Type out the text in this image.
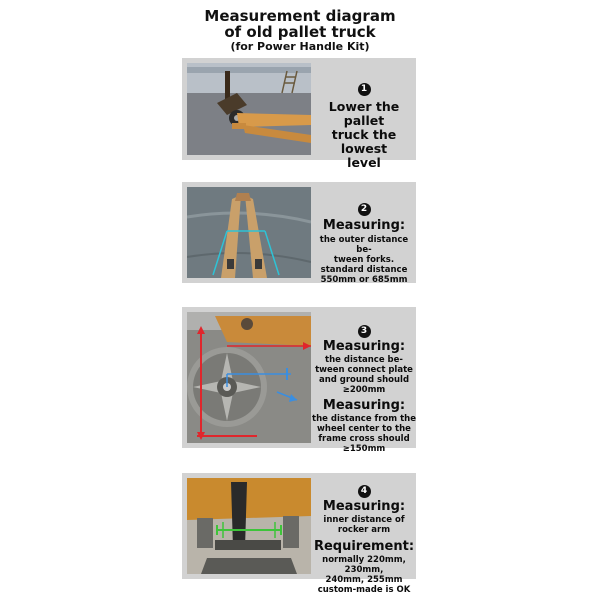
Measurement diagram
of old pallet truck
(for Power Handle Kit)
1
Lower the pallet
truck the lowest
level
2
Measuring:
the outer distance be-
tween forks.
standard distance
550mm or 685mm
3
Measuring:
the distance be-
tween connect plate
and ground should
≥200mm
Measuring:
the distance from the
wheel center to the
frame cross should
≥150mm
4
Measuring:
inner distance of
rocker arm
Requirement:
normally 220mm, 230mm,
240mm, 255mm
custom-made is OK
